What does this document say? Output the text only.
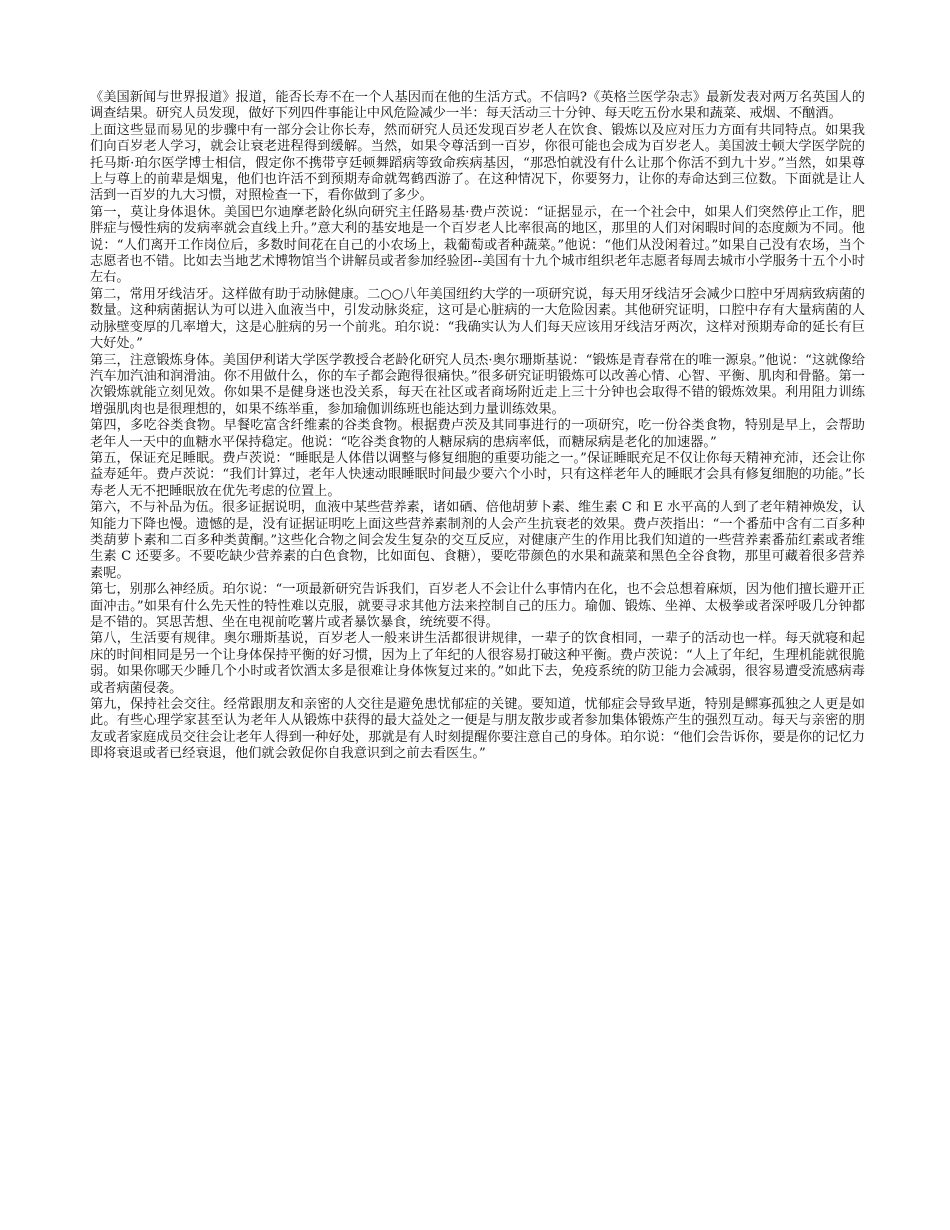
《美国新闻与世界报道》报道，能否长寿不在一个人基因而在他的生活方式。不信吗?《英格兰医学杂志》最新发表对两万名英国人的调查结果。研究人员发现，做好下列四件事能让中风危险减少一半：每天活动三十分钟、每天吃五份水果和蔬菜、戒烟、不酗酒。

上面这些显而易见的步骤中有一部分会让你长寿，然而研究人员还发现百岁老人在饮食、锻炼以及应对压力方面有共同特点。如果我们向百岁老人学习，就会让衰老进程得到缓解。当然，如果令尊活到一百岁，你很可能也会成为百岁老人。美国波士顿大学医学院的托马斯·珀尔医学博士相信，假定你不携带亨廷顿舞蹈病等致命疾病基因，“那恐怕就没有什么让那个你活不到九十岁。”当然，如果尊上与尊上的前辈是烟鬼，他们也许活不到预期寿命就驾鹤西游了。在这种情况下，你要努力，让你的寿命达到三位数。下面就是让人活到一百岁的九大习惯，对照检查一下，看你做到了多少。

第一，莫让身体退休。美国巴尔迪摩老龄化纵向研究主任路易基·费卢茨说：“证据显示，在一个社会中，如果人们突然停止工作，肥胖症与慢性病的发病率就会直线上升。”意大利的基安地是一个百岁老人比率很高的地区，那里的人们对闲暇时间的态度颇为不同。他说：“人们离开工作岗位后，多数时间花在自己的小农场上，栽葡萄或者种蔬菜。”他说：“他们从没闲着过。”如果自己没有农场，当个志愿者也不错。比如去当地艺术博物馆当个讲解员或者参加经验团--美国有十九个城市组织老年志愿者每周去城市小学服务十五个小时左右。

第二，常用牙线洁牙。这样做有助于动脉健康。二○○八年美国纽约大学的一项研究说，每天用牙线洁牙会减少口腔中牙周病致病菌的数量。这种病菌据认为可以进入血液当中，引发动脉炎症，这可是心脏病的一大危险因素。其他研究证明，口腔中存有大量病菌的人动脉壁变厚的几率增大，这是心脏病的另一个前兆。珀尔说：“我确实认为人们每天应该用牙线洁牙两次，这样对预期寿命的延长有巨大好处。”

第三，注意锻炼身体。美国伊利诺大学医学教授合老龄化研究人员杰·奥尔珊斯基说：“锻炼是青春常在的唯一源泉。”他说：“这就像给汽车加汽油和润滑油。你不用做什么，你的车子都会跑得很痛快。”很多研究证明锻炼可以改善心情、心智、平衡、肌肉和骨骼。第一次锻炼就能立刻见效。你如果不是健身迷也没关系，每天在社区或者商场附近走上三十分钟也会取得不错的锻炼效果。利用阻力训练增强肌肉也是很理想的，如果不练举重，参加瑜伽训练班也能达到力量训练效果。

第四，多吃谷类食物。早餐吃富含纤维素的谷类食物。根据费卢茨及其同事进行的一项研究，吃一份谷类食物，特别是早上，会帮助老年人一天中的血糖水平保持稳定。他说：“吃谷类食物的人糖尿病的患病率低，而糖尿病是老化的加速器。”

第五，保证充足睡眠。费卢茨说：“睡眠是人体借以调整与修复细胞的重要功能之一。”保证睡眠充足不仅让你每天精神充沛，还会让你益寿延年。费卢茨说：“我们计算过，老年人快速动眼睡眠时间最少要六个小时，只有这样老年人的睡眠才会具有修复细胞的功能。”长寿老人无不把睡眠放在优先考虑的位置上。

第六，不与补品为伍。很多证据说明，血液中某些营养素，诸如硒、倍他胡萝卜素、维生素 C 和 E 水平高的人到了老年精神焕发，认知能力下降也慢。遗憾的是，没有证据证明吃上面这些营养素制剂的人会产生抗衰老的效果。费卢茨指出：“一个番茄中含有二百多种类葫萝卜素和二百多种类黄酮。”这些化合物之间会发生复杂的交互反应，对健康产生的作用比我们知道的一些营养素番茄红素或者维生素 C 还要多。不要吃缺少营养素的白色食物，比如面包、食糖），要吃带颜色的水果和蔬菜和黑色全谷食物，那里可藏着很多营养素呢。

第七，别那么神经质。珀尔说：“一项最新研究告诉我们，百岁老人不会让什么事情内在化，也不会总想着麻烦，因为他们擅长避开正面冲击。”如果有什么先天性的特性难以克服，就要寻求其他方法来控制自己的压力。瑜伽、锻炼、坐禅、太极拳或者深呼吸几分钟都是不错的。冥思苦想、坐在电视前吃薯片或者暴饮暴食，统统要不得。

第八，生活要有规律。奥尔珊斯基说，百岁老人一般来讲生活都很讲规律，一辈子的饮食相同，一辈子的活动也一样。每天就寝和起床的时间相同是另一个让身体保持平衡的好习惯，因为上了年纪的人很容易打破这种平衡。费卢茨说：“人上了年纪，生理机能就很脆弱。如果你哪天少睡几个小时或者饮酒太多是很难让身体恢复过来的。”如此下去，免疫系统的防卫能力会减弱，很容易遭受流感病毒或者病菌侵袭。

第九，保持社会交往。经常跟朋友和亲密的人交往是避免患忧郁症的关键。要知道，忧郁症会导致早逝，特别是鳏寡孤独之人更是如此。有些心理学家甚至认为老年人从锻炼中获得的最大益处之一便是与朋友散步或者参加集体锻炼产生的强烈互动。每天与亲密的朋友或者家庭成员交往会让老年人得到一种好处，那就是有人时刻提醒你要注意自己的身体。珀尔说：“他们会告诉你，要是你的记忆力即将衰退或者已经衰退，他们就会敦促你自我意识到之前去看医生。”
